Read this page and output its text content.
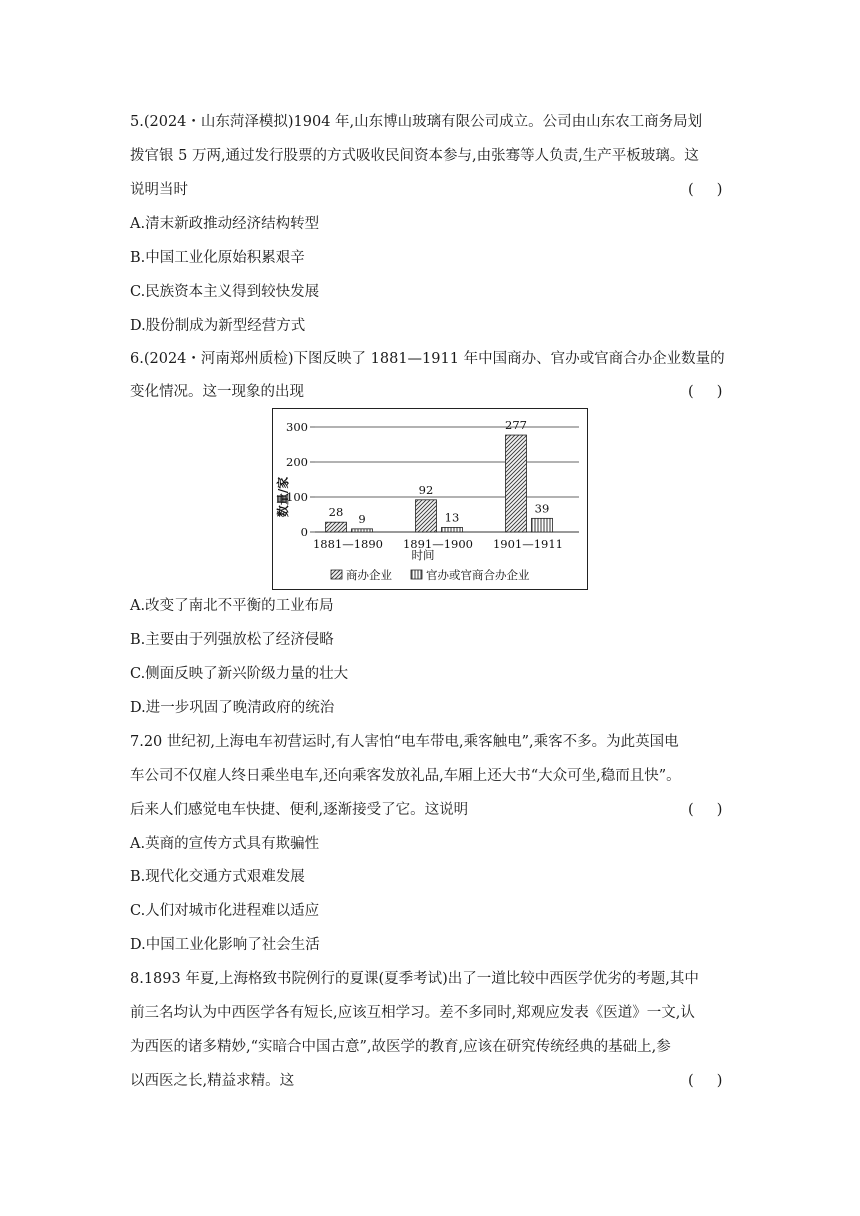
5.(2024・山东菏泽模拟)1904 年,山东博山玻璃有限公司成立。公司由山东农工商务局划
拨官银 5 万两,通过发行股票的方式吸收民间资本参与,由张骞等人负责,生产平板玻璃。这
说明当时	(     )
A.清末新政推动经济结构转型
B.中国工业化原始积累艰辛
C.民族资本主义得到较快发展
D.股份制成为新型经营方式
6.(2024・河南郑州质检)下图反映了 1881—1911 年中国商办、官办或官商合办企业数量的
变化情况。这一现象的出现	(     )
0
100
200
300
28 9
1881—1890
92
13
1891—1900
277
39
1901—1911
数量/家
时间
商办企业	官办或官商合办企业
A.改变了南北不平衡的工业布局
B.主要由于列强放松了经济侵略
C.侧面反映了新兴阶级力量的壮大
D.进一步巩固了晚清政府的统治
7.20 世纪初,上海电车初营运时,有人害怕“电车带电,乘客触电”,乘客不多。为此英国电
车公司不仅雇人终日乘坐电车,还向乘客发放礼品,车厢上还大书“大众可坐,稳而且快”。
后来人们感觉电车快捷、便利,逐渐接受了它。这说明	(     )
A.英商的宣传方式具有欺骗性
B.现代化交通方式艰难发展
C.人们对城市化进程难以适应
D.中国工业化影响了社会生活
8.1893 年夏,上海格致书院例行的夏课(夏季考试)出了一道比较中西医学优劣的考题,其中
前三名均认为中西医学各有短长,应该互相学习。差不多同时,郑观应发表《医道》一文,认
为西医的诸多精妙,“实暗合中国古意”,故医学的教育,应该在研究传统经典的基础上,参
以西医之长,精益求精。这	(     )
